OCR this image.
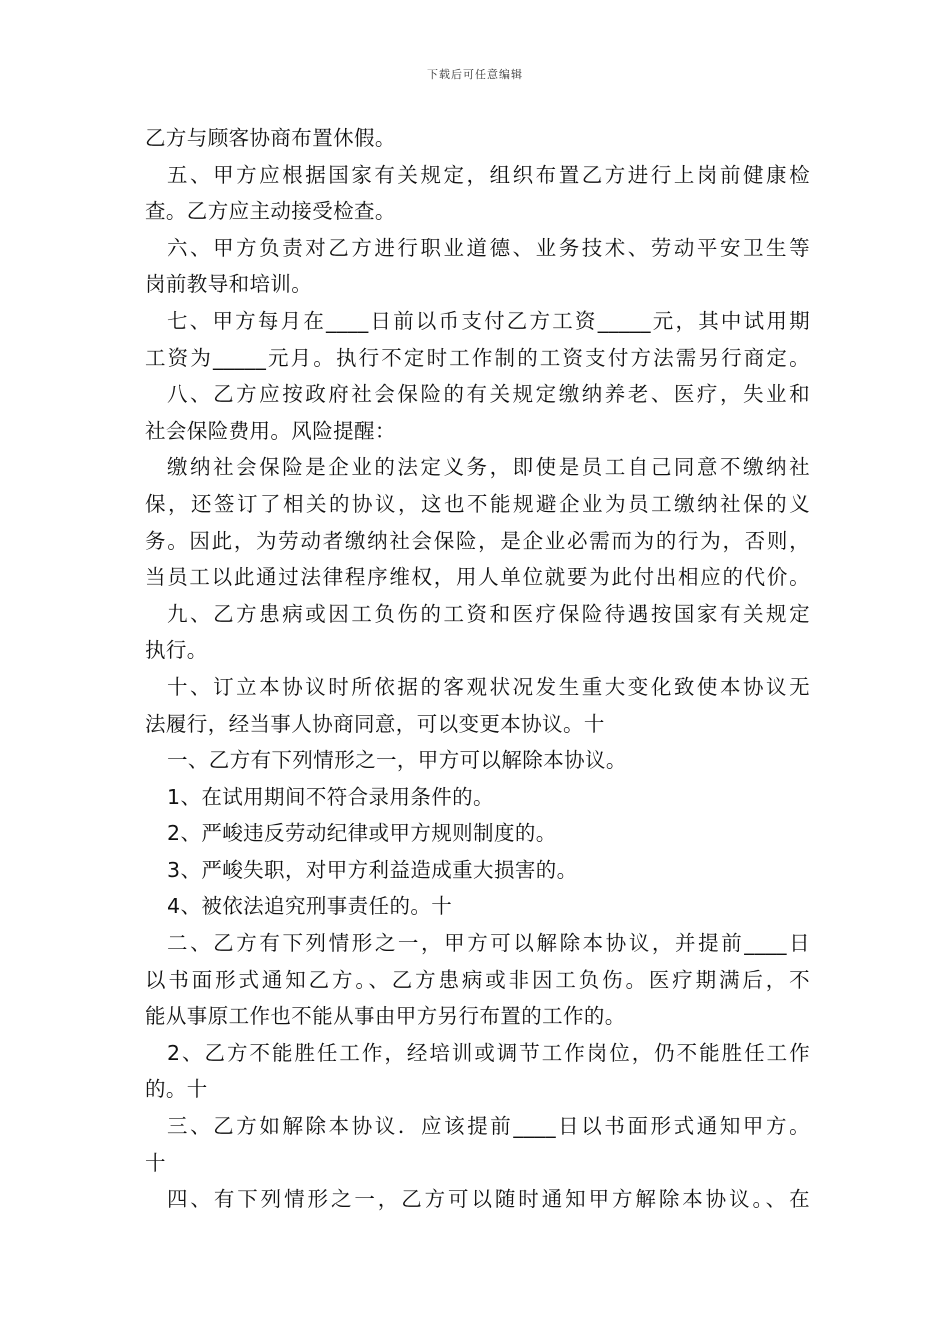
下载后可任意编辑
乙方与顾客协商布置休假。
五、甲方应根据国家有关规定，组织布置乙方进行上岗前健康检
查。乙方应主动接受检查。
六、甲方负责对乙方进行职业道德、业务技术、劳动平安卫生等
岗前教导和培训。
七、甲方每月在____日前以币支付乙方工资_____元，其中试用期
工资为_____元月。执行不定时工作制的工资支付方法需另行商定。
八、乙方应按政府社会保险的有关规定缴纳养老、医疗，失业和
社会保险费用。风险提醒：
缴纳社会保险是企业的法定义务，即使是员工自己同意不缴纳社
保，还签订了相关的协议，这也不能规避企业为员工缴纳社保的义
务。因此，为劳动者缴纳社会保险，是企业必需而为的行为，否则，
当员工以此通过法律程序维权，用人单位就要为此付出相应的代价。
九、乙方患病或因工负伤的工资和医疗保险待遇按国家有关规定
执行。
十、订立本协议时所依据的客观状况发生重大变化致使本协议无
法履行，经当事人协商同意，可以变更本协议。十
一、乙方有下列情形之一，甲方可以解除本协议。
1、在试用期间不符合录用条件的。
2、严峻违反劳动纪律或甲方规则制度的。
3、严峻失职，对甲方利益造成重大损害的。
4、被依法追究刑事责任的。十
二、乙方有下列情形之一，甲方可以解除本协议，并提前____日
以书面形式通知乙方。、乙方患病或非因工负伤。医疗期满后，不
能从事原工作也不能从事由甲方另行布置的工作的。
2、乙方不能胜任工作，经培训或调节工作岗位，仍不能胜任工作
的。十
三、乙方如解除本协议．应该提前____日以书面形式通知甲方。
十
四、有下列情形之一，乙方可以随时通知甲方解除本协议。、在
